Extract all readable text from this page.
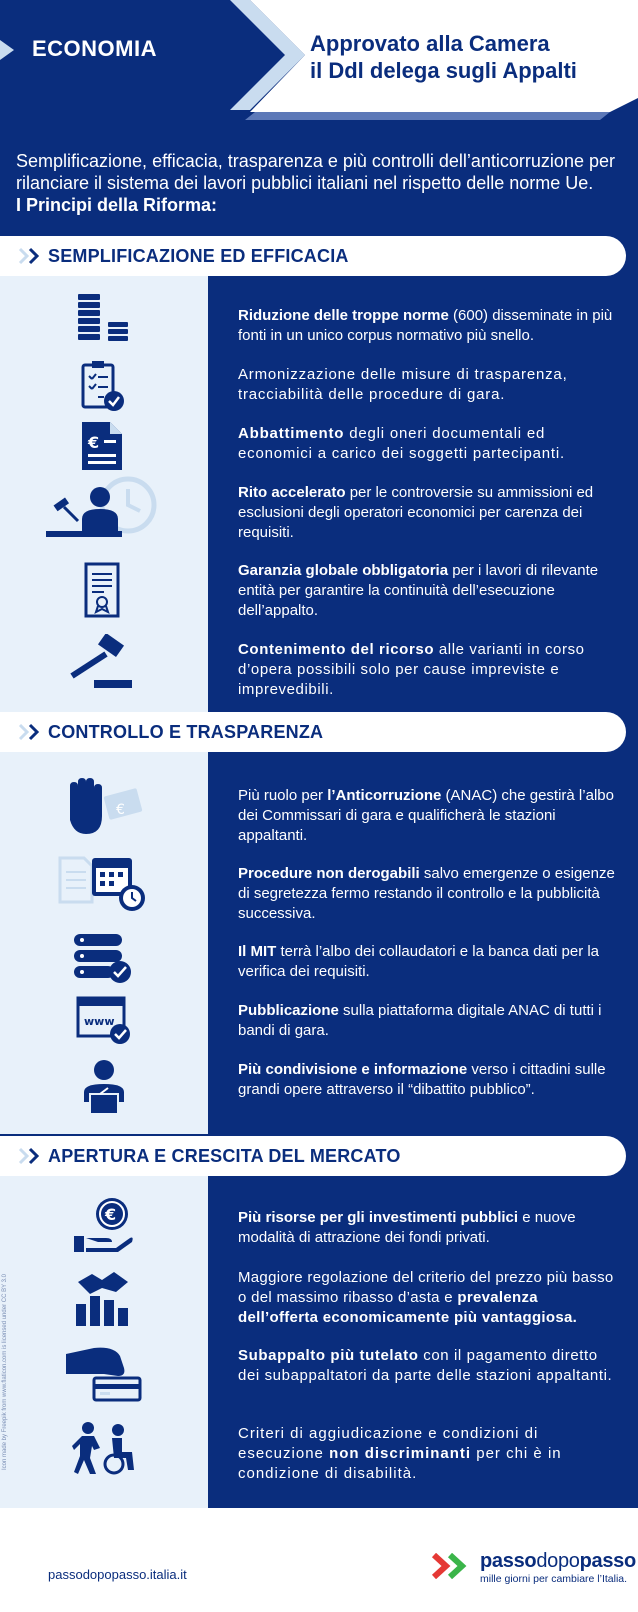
ECONOMIA	Approvato alla Camera
il Ddl delega sugli Appalti
Semplificazione, efficacia, trasparenza e più controlli dell’anticorruzione per rilanciare il sistema dei lavori pubblici italiani nel rispetto delle norme Ue.
I Principi della Riforma:
SEMPLIFICAZIONE ED EFFICACIA
€
Riduzione delle troppe norme (600) disseminate in più fonti in un unico corpus normativo più snello.
Armonizzazione delle misure di trasparenza, tracciabilità delle procedure di gara.
Abbattimento degli oneri documentali ed economici a carico dei soggetti partecipanti.
Rito accelerato per le controversie su ammissioni ed esclusioni degli operatori economici per carenza dei requisiti.
Garanzia globale obbligatoria per i lavori di rilevante entità per garantire la continuità dell’esecuzione dell’appalto.
Contenimento del ricorso alle varianti in corso d’opera possibili solo per cause impreviste e imprevedibili.
CONTROLLO E TRASPARENZA
€
www
Più ruolo per l’Anticorruzione (ANAC) che gestirà l’albo dei Commissari di gara e qualificherà le stazioni appaltanti.
Procedure non derogabili salvo emergenze o esigenze di segretezza fermo restando il controllo e la pubblicità successiva.
Il MIT terrà l’albo dei collaudatori e la banca dati per la verifica dei requisiti.
Pubblicazione sulla piattaforma digitale ANAC di tutti i bandi di gara.
Più condivisione e informazione verso i cittadini sulle grandi opere attraverso il “dibattito pubblico”.
APERTURA E CRESCITA DEL MERCATO
Icon made by Freepik from www.flaticon.com is licensed under CC BY 3.0
€	Più risorse per gli investimenti pubblici e nuove modalità di attrazione dei fondi privati.
Maggiore regolazione del criterio del prezzo più basso o del massimo ribasso d’asta e prevalenza dell’offerta economicamente più vantaggiosa.
Subappalto più tutelato con il pagamento diretto dei subappaltatori da parte delle stazioni appaltanti.
Criteri di aggiudicazione e condizioni di esecuzione non discriminanti per chi è in condizione di disabilità.
passodopopasso.italia.it
passodopopasso
mille giorni per cambiare l’Italia.
